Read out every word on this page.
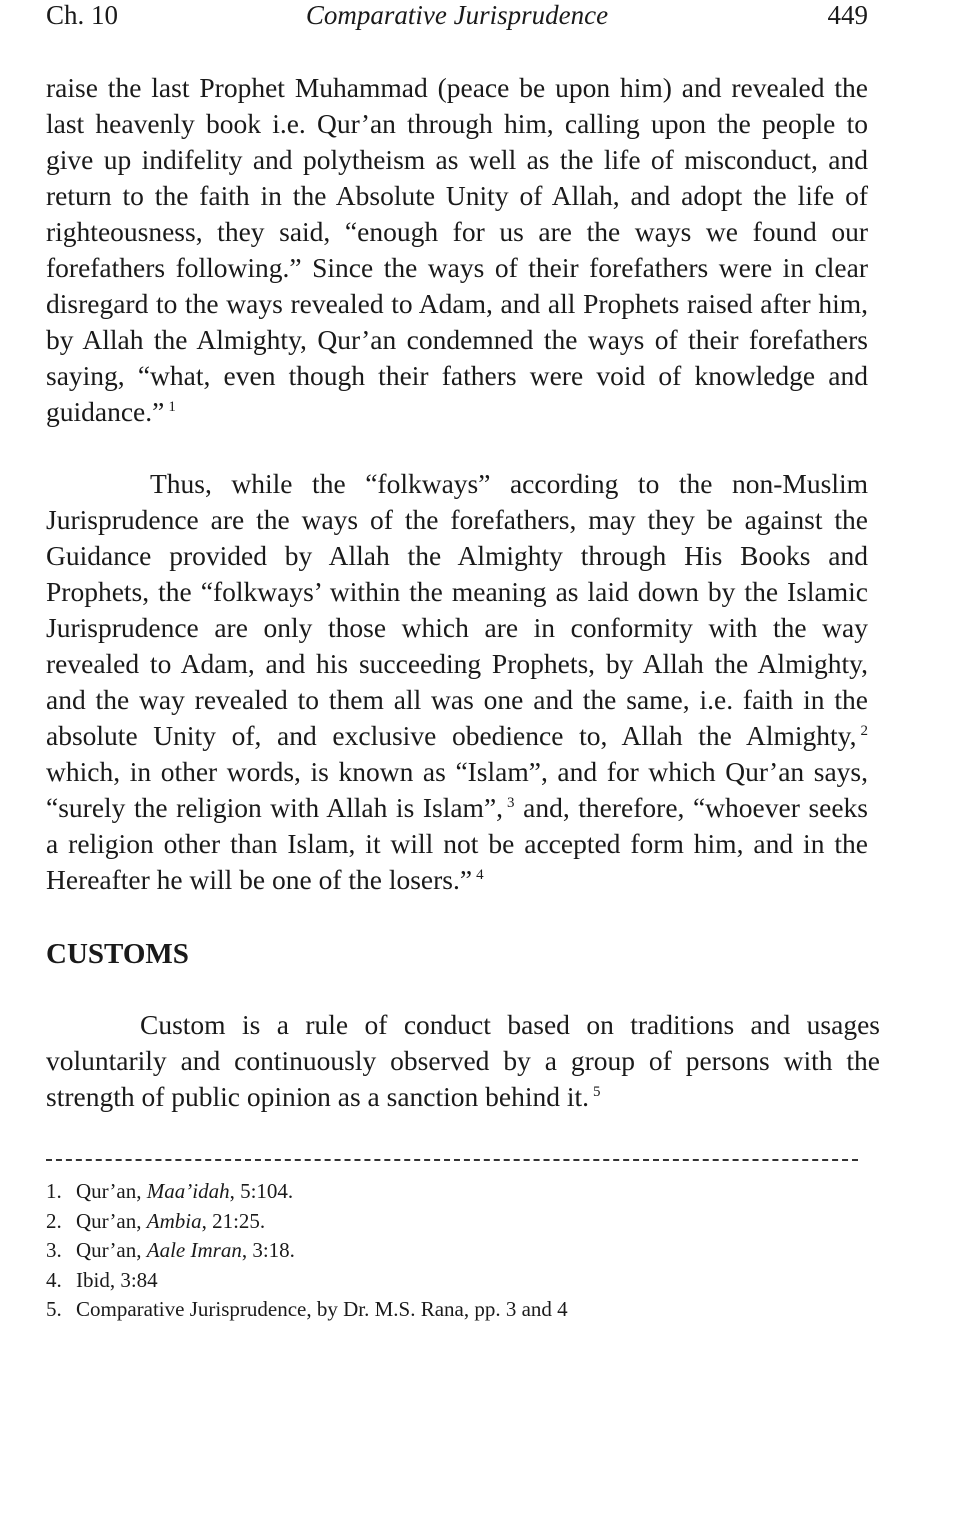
Ch. 10	Comparative Jurisprudence	449

raise the last Prophet Muhammad (peace be upon him) and revealed the last heavenly book i.e. Qur’an through him, calling upon the people to give up indifelity and polytheism as well as the life of misconduct, and return to the faith in the Absolute Unity of Allah, and adopt the life of righteousness, they said, “enough for us are the ways we found our forefathers following.” Since the ways of their forefathers were in clear disregard to the ways revealed to Adam, and all Prophets raised after him, by Allah the Almighty, Qur’an condemned the ways of their forefathers saying, “what, even though their fathers were void of knowledge and guidance.” $^1$

Thus, while the “folkways” according to the non-Muslim Jurisprudence are the ways of the forefathers, may they be against the Guidance provided by Allah the Almighty through His Books and Prophets, the “folkways’ within the meaning as laid down by the Islamic Jurisprudence are only those which are in conformity with the way revealed to Adam, and his succeeding Prophets, by Allah the Almighty, and the way revealed to them all was one and the same, i.e. faith in the absolute Unity of, and exclusive obedience to, Allah the Almighty, $^2$ which, in other words, is known as “Islam”, and for which Qur’an says, “surely the religion with Allah is Islam”, $^3$ and, therefore, “whoever seeks a religion other than Islam, it will not be accepted form him, and in the Hereafter he will be one of the losers.” $^4$

CUSTOMS

Custom is a rule of conduct based on traditions and usages voluntarily and continuously observed by a group of persons with the strength of public opinion as a sanction behind it. $^5$

1. Qur’an, Maa’idah, 5:104.
2. Qur’an, Ambia, 21:25.
3. Qur’an, Aale Imran, 3:18.
4. Ibid, 3:84
5. Comparative Jurisprudence, by Dr. M.S. Rana, pp. 3 and 4
